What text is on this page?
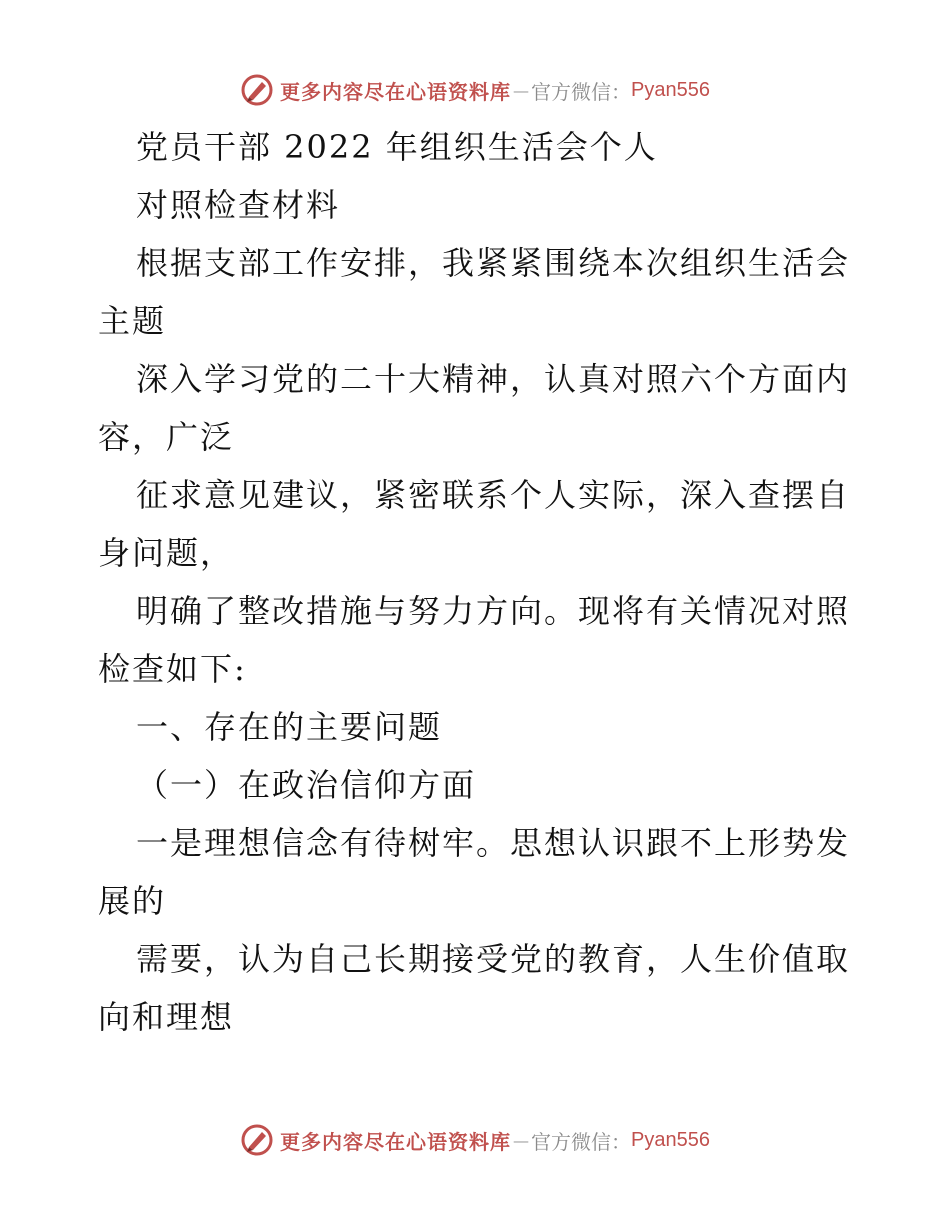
更多内容尽在心语资料库 — 官方微信： Pyan556
党员干部 2022 年组织生活会个人
对照检查材料
根据支部工作安排，我紧紧围绕本次组织生活会
主题
深入学习党的二十大精神，认真对照六个方面内
容，广泛
征求意见建议，紧密联系个人实际，深入查摆自
身问题，
明确了整改措施与努力方向。现将有关情况对照
检查如下:
一、存在的主要问题
（一）在政治信仰方面
一是理想信念有待树牢。思想认识跟不上形势发
展的
需要，认为自己长期接受党的教育，人生价值取
向和理想
更多内容尽在心语资料库 — 官方微信： Pyan556
